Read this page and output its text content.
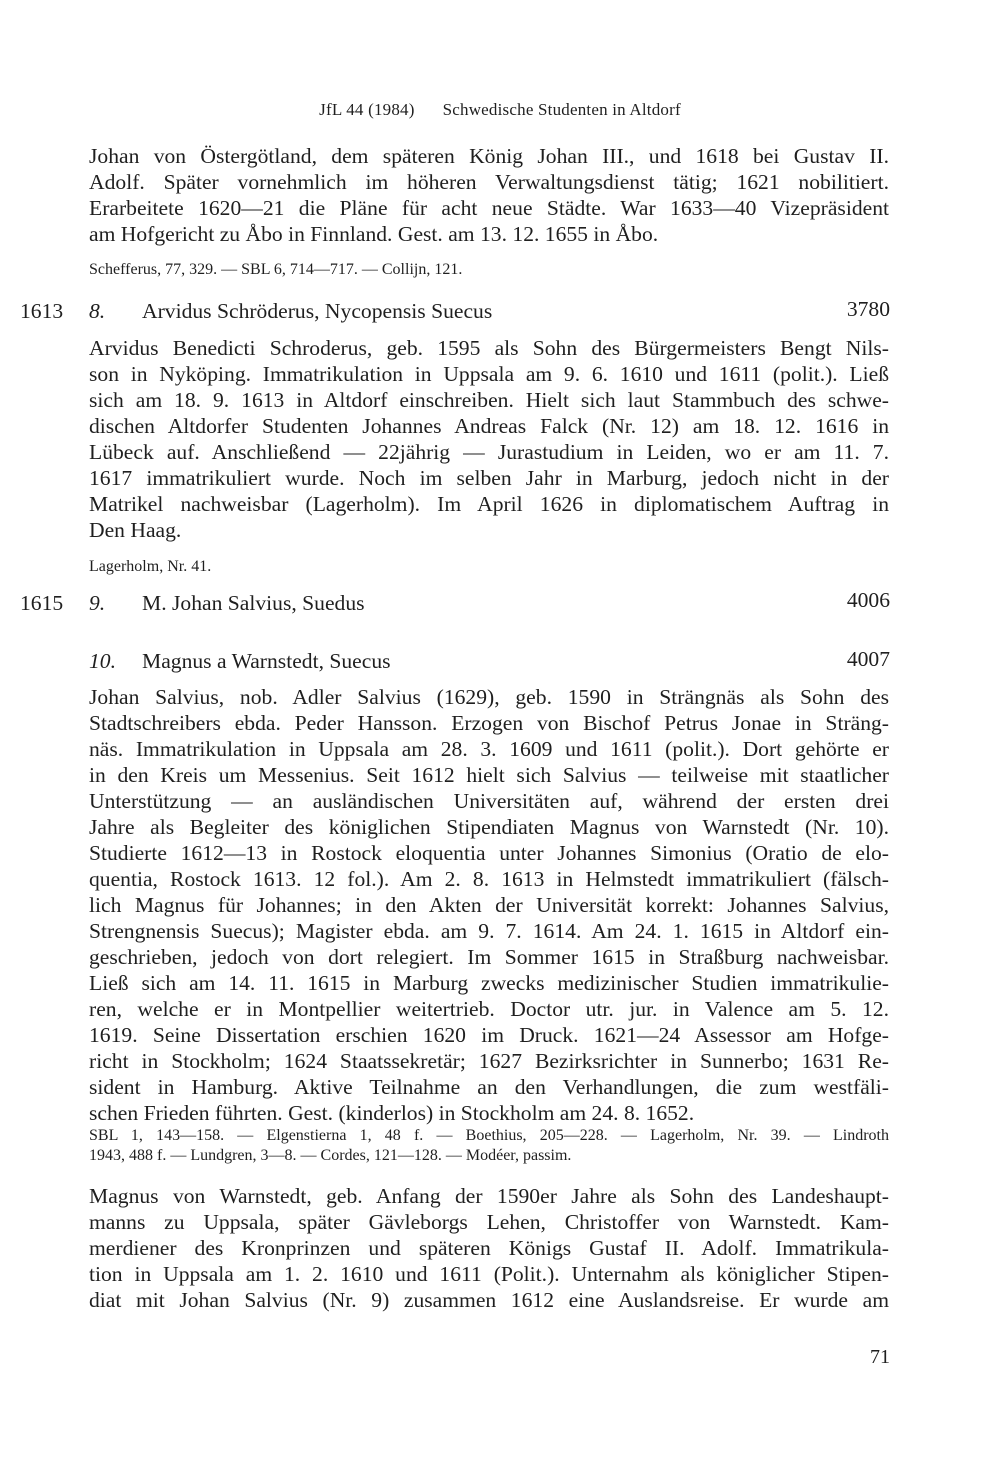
JfL 44 (1984) Schwedische Studenten in Altdorf
Johan von Östergötland, dem späteren König Johan III., und 1618 bei Gustav II.
Adolf. Später vornehmlich im höheren Verwaltungsdienst tätig; 1621 nobilitiert.
Erarbeitete 1620—21 die Pläne für acht neue Städte. War 1633—40 Vizepräsident
am Hofgericht zu Åbo in Finnland. Gest. am 13. 12. 1655 in Åbo.
Schefferus, 77, 329. — SBL 6, 714—717. — Collijn, 121.
1613 8. Arvidus Schröderus, Nycopensis Suecus	3780
Arvidus Benedicti Schroderus, geb. 1595 als Sohn des Bürgermeisters Bengt Nils-
son in Nyköping. Immatrikulation in Uppsala am 9. 6. 1610 und 1611 (polit.). Ließ
sich am 18. 9. 1613 in Altdorf einschreiben. Hielt sich laut Stammbuch des schwe-
dischen Altdorfer Studenten Johannes Andreas Falck (Nr. 12) am 18. 12. 1616 in
Lübeck auf. Anschließend — 22jährig — Jurastudium in Leiden, wo er am 11. 7.
1617 immatrikuliert wurde. Noch im selben Jahr in Marburg, jedoch nicht in der
Matrikel nachweisbar (Lagerholm). Im April 1626 in diplomatischem Auftrag in
Den Haag.
Lagerholm, Nr. 41.
1615 9. M. Johan Salvius, Suedus	4006
10. Magnus a Warnstedt, Suecus	4007
Johan Salvius, nob. Adler Salvius (1629), geb. 1590 in Strängnäs als Sohn des
Stadtschreibers ebda. Peder Hansson. Erzogen von Bischof Petrus Jonae in Sträng-
näs. Immatrikulation in Uppsala am 28. 3. 1609 und 1611 (polit.). Dort gehörte er
in den Kreis um Messenius. Seit 1612 hielt sich Salvius — teilweise mit staatlicher
Unterstützung — an ausländischen Universitäten auf, während der ersten drei
Jahre als Begleiter des königlichen Stipendiaten Magnus von Warnstedt (Nr. 10).
Studierte 1612—13 in Rostock eloquentia unter Johannes Simonius (Oratio de elo-
quentia, Rostock 1613. 12 fol.). Am 2. 8. 1613 in Helmstedt immatrikuliert (fälsch-
lich Magnus für Johannes; in den Akten der Universität korrekt: Johannes Salvius,
Strengnensis Suecus); Magister ebda. am 9. 7. 1614. Am 24. 1. 1615 in Altdorf ein-
geschrieben, jedoch von dort relegiert. Im Sommer 1615 in Straßburg nachweisbar.
Ließ sich am 14. 11. 1615 in Marburg zwecks medizinischer Studien immatrikulie-
ren, welche er in Montpellier weitertrieb. Doctor utr. jur. in Valence am 5. 12.
1619. Seine Dissertation erschien 1620 im Druck. 1621—24 Assessor am Hofge-
richt in Stockholm; 1624 Staatssekretär; 1627 Bezirksrichter in Sunnerbo; 1631 Re-
sident in Hamburg. Aktive Teilnahme an den Verhandlungen, die zum westfäli-
schen Frieden führten. Gest. (kinderlos) in Stockholm am 24. 8. 1652.
SBL 1, 143—158. — Elgenstierna 1, 48 f. — Boethius, 205—228. — Lagerholm, Nr. 39. — Lindroth
1943, 488 f. — Lundgren, 3—8. — Cordes, 121—128. — Modéer, passim.
Magnus von Warnstedt, geb. Anfang der 1590er Jahre als Sohn des Landeshaupt-
manns zu Uppsala, später Gävleborgs Lehen, Christoffer von Warnstedt. Kam-
merdiener des Kronprinzen und späteren Königs Gustaf II. Adolf. Immatrikula-
tion in Uppsala am 1. 2. 1610 und 1611 (Polit.). Unternahm als königlicher Stipen-
diat mit Johan Salvius (Nr. 9) zusammen 1612 eine Auslandsreise. Er wurde am
71
